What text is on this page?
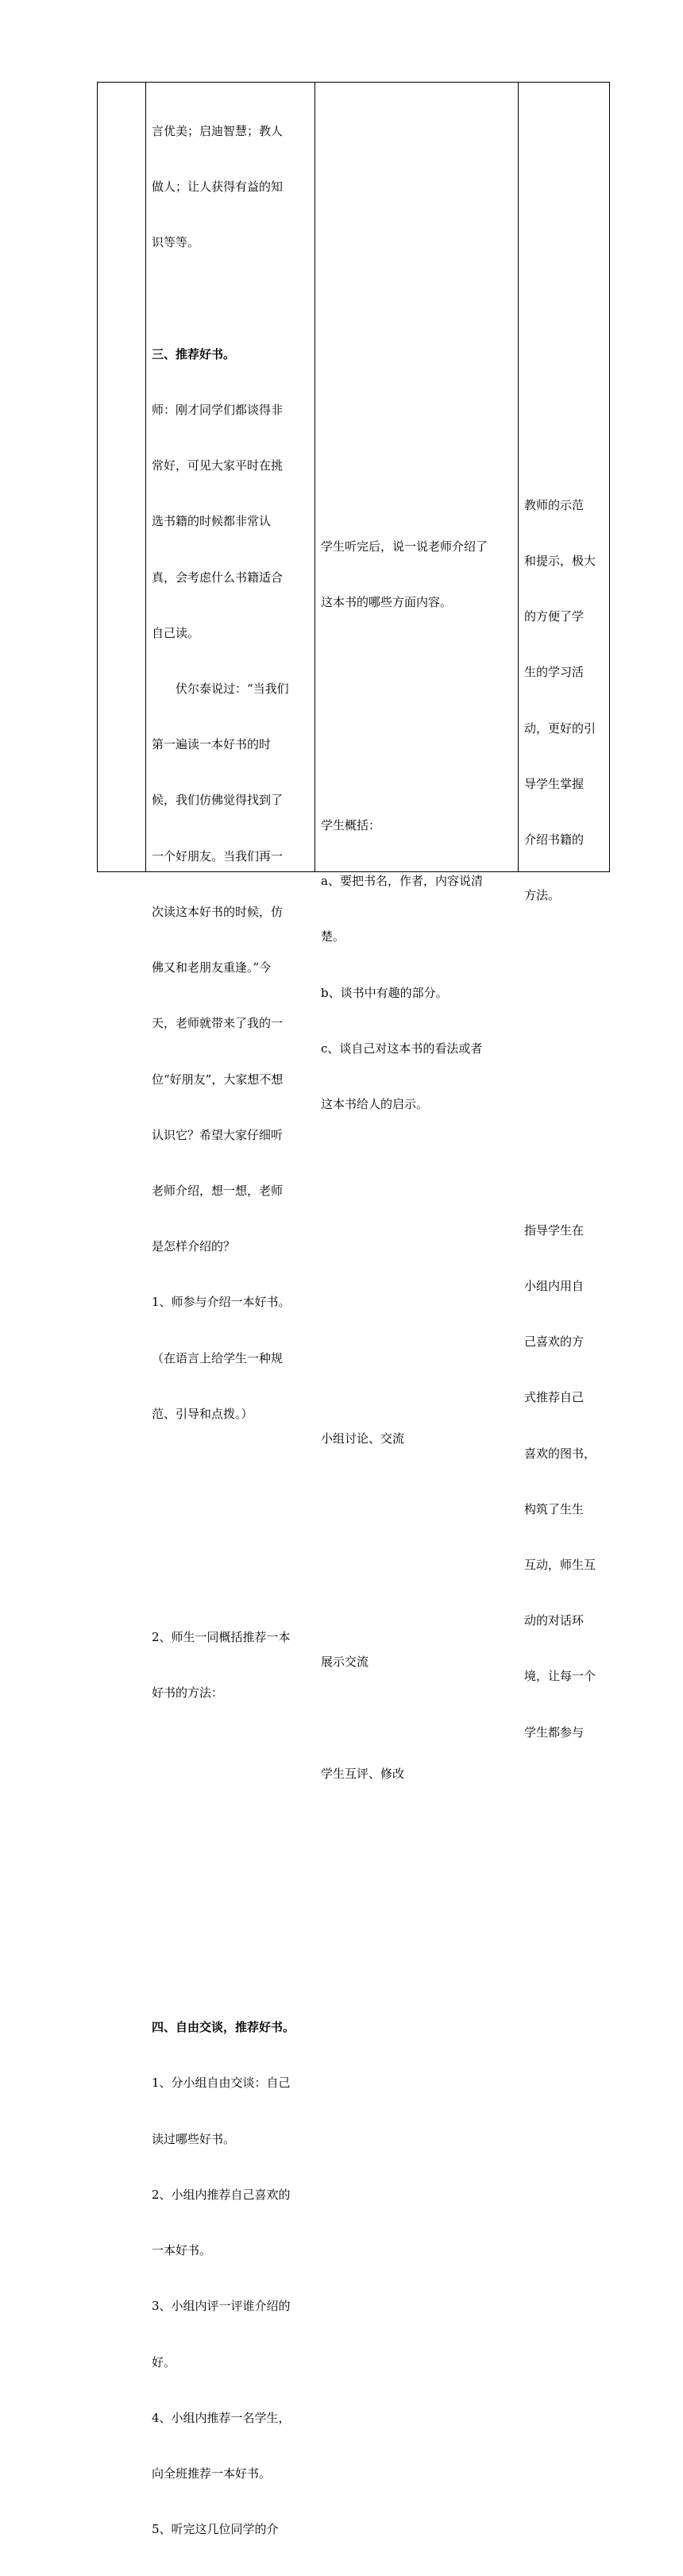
言优美；启迪智慧；教人

做人；让人获得有益的知

识等等。

三、推荐好书。

师：刚才同学们都谈得非

常好，可见大家平时在挑

选书籍的时候都非常认

真，会考虑什么书籍适合

自己读。

　　伏尔泰说过：“当我们

第一遍读一本好书的时

候，我们仿佛觉得找到了

一个好朋友。当我们再一

次读这本好书的时候，仿

佛又和老朋友重逢。”今

天，老师就带来了我的一

位“好朋友”，大家想不想

认识它？希望大家仔细听

老师介绍，想一想，老师

是怎样介绍的？

1、师参与介绍一本好书。

（在语言上给学生一种规

范、引导和点拨。）

2、师生一同概括推荐一本

好书的方法：

四、自由交谈，推荐好书。

1、分小组自由交谈：自己

读过哪些好书。

2、小组内推荐自己喜欢的

一本好书。

3、小组内评一评谁介绍的

好。

4、小组内推荐一名学生，

向全班推荐一本好书。

5、听完这几位同学的介

学生听完后，说一说老师介绍了

这本书的哪些方面内容。

学生概括：

a、要把书名，作者，内容说清

楚。

b、谈书中有趣的部分。

c、谈自己对这本书的看法或者

这本书给人的启示。

小组讨论、交流

展示交流

学生互评、修改

教师的示范

和提示，极大

的方便了学

生的学习活

动，更好的引

导学生掌握

介绍书籍的

方法。

指导学生在

小组内用自

己喜欢的方

式推荐自己

喜欢的图书，

构筑了生生

互动，师生互

动的对话环

境，让每一个

学生都参与
